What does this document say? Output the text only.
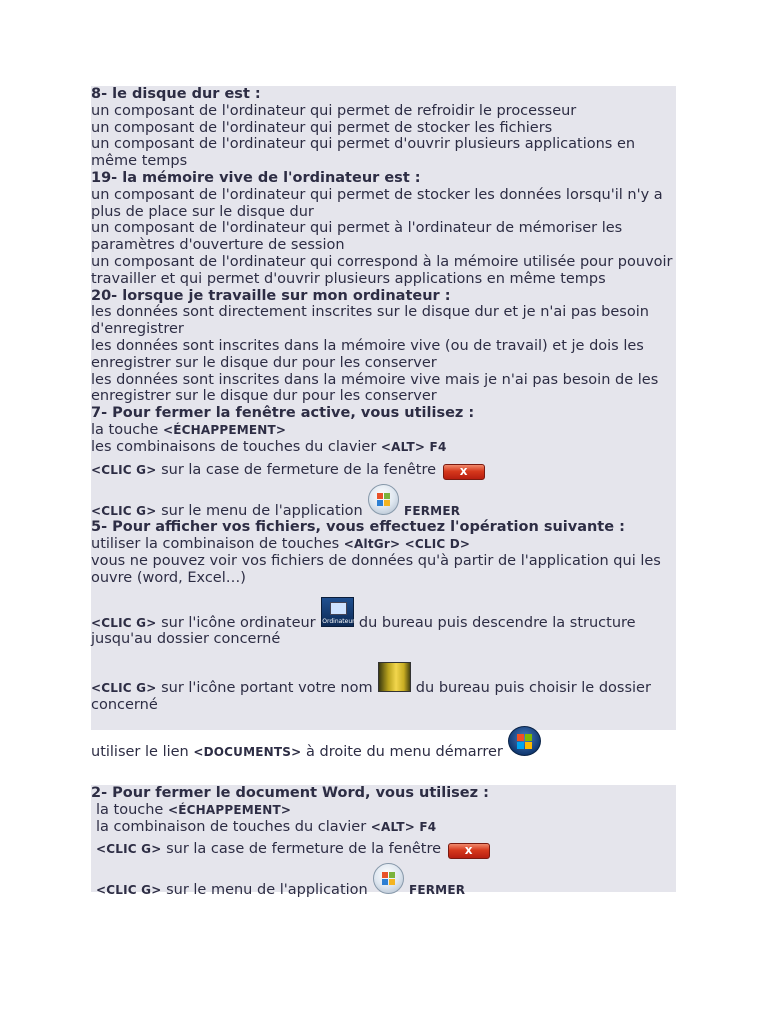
8- le disque dur est :
un composant de l'ordinateur qui permet de refroidir le processeur
un composant de l'ordinateur qui permet de stocker les fichiers
un composant de l'ordinateur qui permet d'ouvrir plusieurs applications en même temps
19- la mémoire vive de l'ordinateur est :
un composant de l'ordinateur qui permet de stocker les données lorsqu'il n'y a plus de place sur le disque dur
un composant de l'ordinateur qui permet à l'ordinateur de mémoriser les paramètres d'ouverture de session
un composant de l'ordinateur qui correspond à la mémoire utilisée pour pouvoir travailler et qui permet d'ouvrir plusieurs applications en même temps
20- lorsque je travaille sur mon ordinateur :
les données sont directement inscrites sur le disque dur et je n'ai pas besoin d'enregistrer
les données sont inscrites dans la mémoire vive (ou de travail) et je dois les enregistrer sur le disque dur pour les conserver
les données sont inscrites dans la mémoire vive mais je n'ai pas besoin de les enregistrer sur le disque dur pour les conserver
7- Pour fermer la fenêtre active, vous utilisez :
la touche <ÉCHAPPEMENT>
les combinaisons de touches du clavier <ALT> F4
<CLIC G> sur la case de fermeture de la fenêtre x
<CLIC G> sur le menu de l'application	FERMER
5- Pour afficher vos fichiers, vous effectuez l'opération suivante :
utiliser la combinaison de touches <AltGr> <CLIC D>
vous ne pouvez voir vos fichiers de données qu'à partir de l'application qui les ouvre (word, Excel…)
<CLIC G> sur l'icône ordinateur Ordinateur du bureau puis descendre la structure jusqu'au dossier concerné
<CLIC G> sur l'icône portant votre nom	du bureau puis choisir le dossier concerné
utiliser le lien <DOCUMENTS> à droite du menu démarrer
2- Pour fermer le document Word, vous utilisez :
la touche <ÉCHAPPEMENT>
la combinaison de touches du clavier <ALT> F4
<CLIC G> sur la case de fermeture de la fenêtre x
<CLIC G> sur le menu de l'application	FERMER
